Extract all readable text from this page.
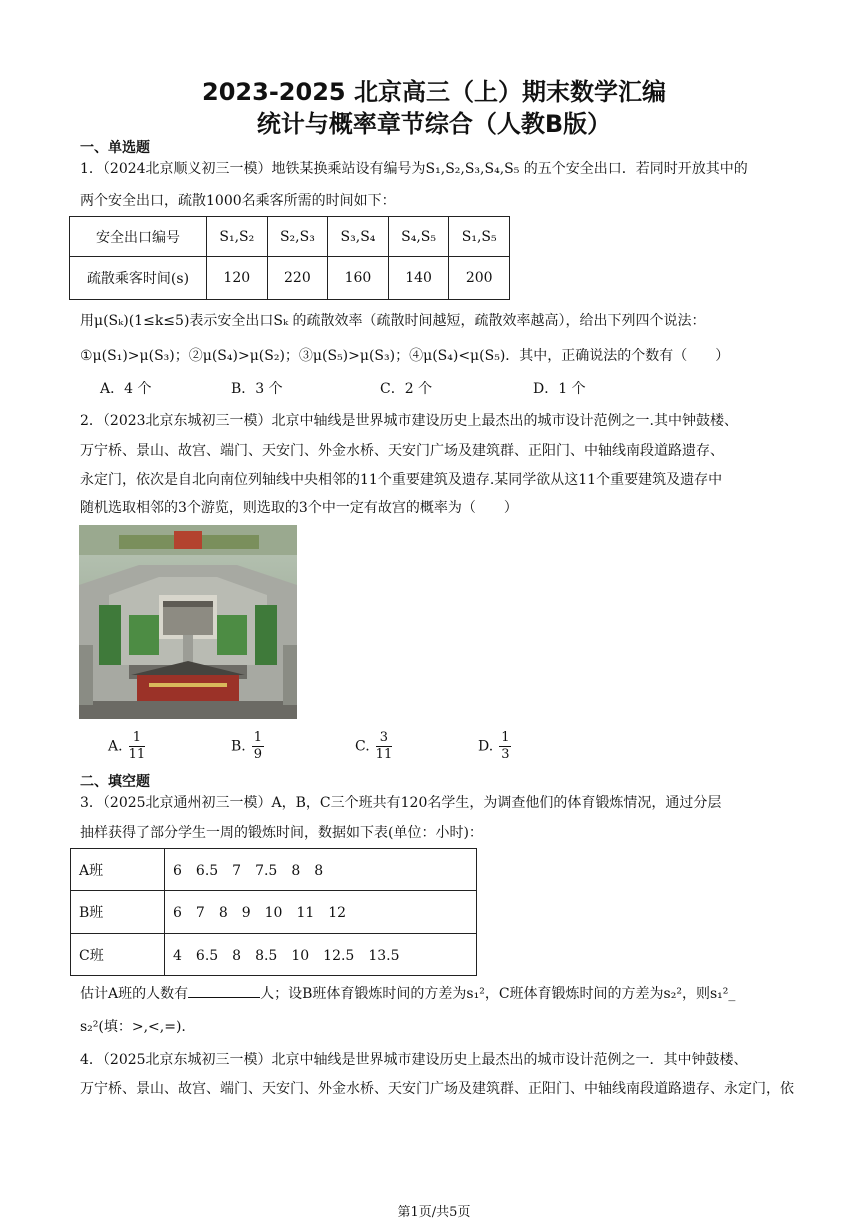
2023-2025 北京高三（上）期末数学汇编
统计与概率章节综合（人教B版）
一、单选题
1．（2024北京顺义初三一模）地铁某换乘站设有编号为S₁,S₂,S₃,S₄,S₅ 的五个安全出口．若同时开放其中的
两个安全出口，疏散1000名乘客所需的时间如下：
安全出口编号	S₁,S₂	S₂,S₃	S₃,S₄	S₄,S₅	S₁,S₅
疏散乘客时间(s)	120	220	160	140	200
用μ(Sₖ)(1≤k≤5)表示安全出口Sₖ 的疏散效率（疏散时间越短，疏散效率越高），给出下列四个说法：
①μ(S₁)>μ(S₃)；②μ(S₄)>μ(S₂)；③μ(S₅)>μ(S₃)；④μ(S₄)<μ(S₅)．其中，正确说法的个数有（　　）
A．4 个	B．3 个	C．2 个	D．1 个
2．（2023北京东城初三一模）北京中轴线是世界城市建设历史上最杰出的城市设计范例之一.其中钟鼓楼、
万宁桥、景山、故宫、端门、天安门、外金水桥、天安门广场及建筑群、正阳门、中轴线南段道路遗存、
永定门，依次是自北向南位列轴线中央相邻的11个重要建筑及遗存.某同学欲从这11个重要建筑及遗存中
随机选取相邻的3个游览，则选取的3个中一定有故宫的概率为（　　）
A. $\frac{1}{11}$	B. $\frac{1}{9}$	C. $\frac{3}{11}$	D. $\frac{1}{3}$
二、填空题
3．（2025北京通州初三一模）A，B，C三个班共有120名学生，为调查他们的体育锻炼情况，通过分层
抽样获得了部分学生一周的锻炼时间，数据如下表(单位：小时)：
A班	6　6.5　7　7.5　8　8
B班	6　7　8　9　10　11　12
C班	4　6.5　8　8.5　10　12.5　13.5
估计A班的人数有	人；设B班体育锻炼时间的方差为s₁²，C班体育锻炼时间的方差为s₂²，则s₁²_
s₂²(填：>,<,=).
4．（2025北京东城初三一模）北京中轴线是世界城市建设历史上最杰出的城市设计范例之一．其中钟鼓楼、
万宁桥、景山、故宫、端门、天安门、外金水桥、天安门广场及建筑群、正阳门、中轴线南段道路遗存、永定门，依
第1页/共5页
